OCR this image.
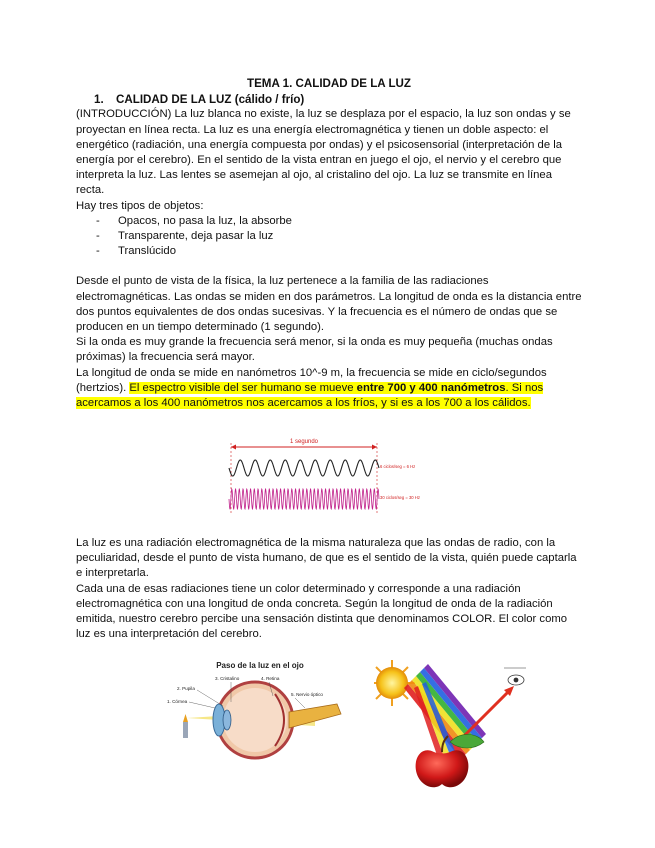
TEMA 1. CALIDAD DE LA LUZ
1. CALIDAD DE LA LUZ (cálido / frío)

(INTRODUCCIÓN) La luz blanca no existe, la luz se desplaza por el espacio, la luz son ondas y se proyectan en línea recta. La luz es una energía electromagnética y tienen un doble aspecto: el energético (radiación, una energía compuesta por ondas) y el psicosensorial (interpretación de la energía por el cerebro). En el sentido de la vista entran en juego el ojo, el nervio y el cerebro que interpreta la luz. Las lentes se asemejan al ojo, al cristalino del ojo. La luz se transmite en línea recta.

Hay tres tipos de objetos:

- Opacos, no pasa la luz, la absorbe
- Transparente, deja pasar la luz
- Translúcido

Desde el punto de vista de la física, la luz pertenece a la familia de las radiaciones electromagnéticas. Las ondas se miden en dos parámetros. La longitud de onda es la distancia entre dos puntos equivalentes de dos ondas sucesivas. Y la frecuencia es el número de ondas que se producen en un tiempo determinado (1 segundo).

Si la onda es muy grande la frecuencia será menor, si la onda es muy pequeña (muchas ondas próximas) la frecuencia será mayor.

La longitud de onda se mide en nanómetros 10^-9 m, la frecuencia se mide en ciclo/segundos (hertzios). El espectro visible del ser humano se mueve entre 700 y 400 nanómetros. Si nos acercamos a los 400 nanómetros nos acercamos a los fríos, y si es a los 700 a los cálidos.

1 segundo
6 ciclos/seg = 6 Hz
30 ciclos/seg = 30 Hz

La luz es una radiación electromagnética de la misma naturaleza que las ondas de radio, con la peculiaridad, desde el punto de vista humano, de que es el sentido de la vista, quién puede captarla e interpretarla.

Cada una de esas radiaciones tiene un color determinado y corresponde a una radiación electromagnética con una longitud de onda concreta. Según la longitud de onda de la radiación emitida, nuestro cerebro percibe una sensación distinta que denominamos COLOR. El color como luz es una interpretación del cerebro.

Paso de la luz en el ojo
1. Córnea
2. Pupila
3. Cristalino	4. Retina
5. Nervio óptico
